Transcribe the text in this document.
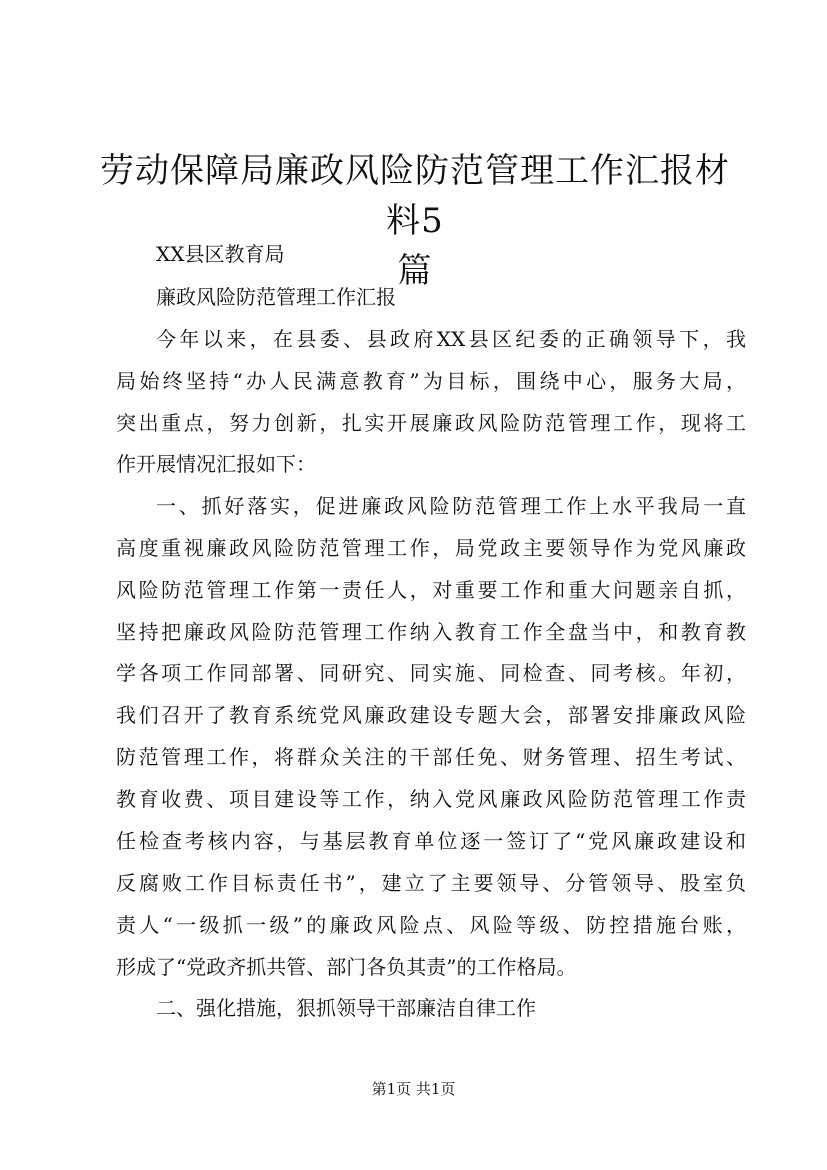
劳动保障局廉政风险防范管理工作汇报材料5
篇
XX县区教育局
廉政风险防范管理工作汇报
今年以来，在县委、县政府XX县区纪委的正确领导下，我
局始终坚持“办人民满意教育”为目标，围绕中心，服务大局，
突出重点，努力创新，扎实开展廉政风险防范管理工作，现将工
作开展情况汇报如下：
一、抓好落实，促进廉政风险防范管理工作上水平我局一直
高度重视廉政风险防范管理工作，局党政主要领导作为党风廉政
风险防范管理工作第一责任人，对重要工作和重大问题亲自抓，
坚持把廉政风险防范管理工作纳入教育工作全盘当中，和教育教
学各项工作同部署、同研究、同实施、同检查、同考核。年初，
我们召开了教育系统党风廉政建设专题大会，部署安排廉政风险
防范管理工作，将群众关注的干部任免、财务管理、招生考试、
教育收费、项目建设等工作，纳入党风廉政风险防范管理工作责
任检查考核内容，与基层教育单位逐一签订了“党风廉政建设和
反腐败工作目标责任书”，建立了主要领导、分管领导、股室负
责人“一级抓一级”的廉政风险点、风险等级、防控措施台账，
形成了“党政齐抓共管、部门各负其责”的工作格局。
二、强化措施，狠抓领导干部廉洁自律工作
第1页 共1页
